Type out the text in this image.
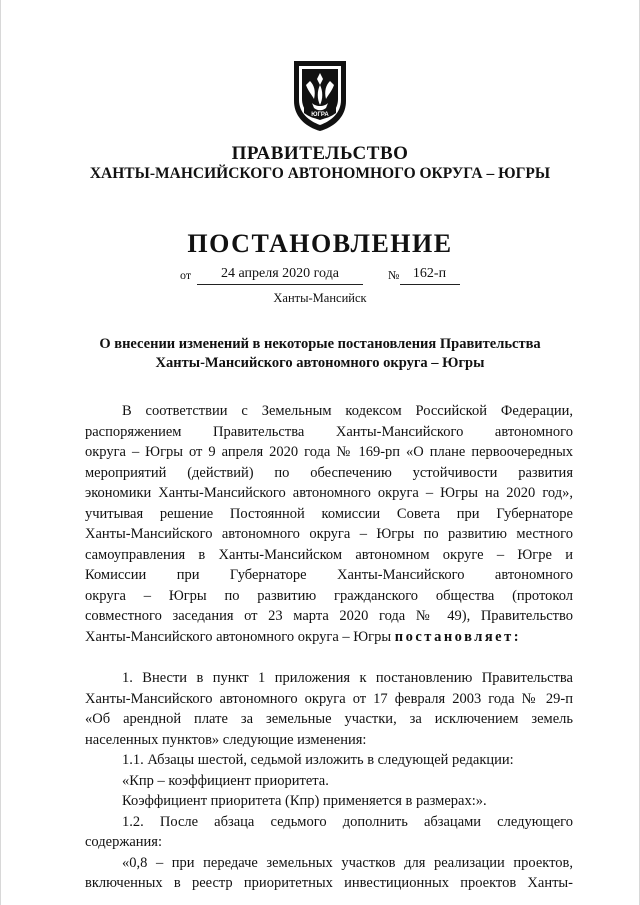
ЮГРА
ПРАВИТЕЛЬСТВО
ХАНТЫ-МАНСИЙСКОГО АВТОНОМНОГО ОКРУГА – ЮГРЫ
ПОСТАНОВЛЕНИЕ
от	24 апреля 2020 года	№ 162-п
Ханты-Мансийск
О внесении изменений в некоторые постановления Правительства
Ханты-Мансийского автономного округа – Югры
В соответствии с Земельным кодексом Российской Федерации,
распоряжением Правительства Ханты-Мансийского автономного
округа – Югры от 9 апреля 2020 года № 169-рп «О плане первоочередных
мероприятий (действий) по обеспечению устойчивости развития
экономики Ханты-Мансийского автономного округа – Югры на 2020 год»,
учитывая решение Постоянной комиссии Совета при Губернаторе
Ханты-Мансийского автономного округа – Югры по развитию местного
самоуправления в Ханты-Мансийском автономном округе – Югре и
Комиссии при Губернаторе Ханты-Мансийского автономного
округа – Югры по развитию гражданского общества (протокол
совместного заседания от 23 марта 2020 года № 49), Правительство
Ханты-Мансийского автономного округа – Югры постановляет:
1. Внести в пункт 1 приложения к постановлению Правительства
Ханты-Мансийского автономного округа от 17 февраля 2003 года № 29-п
«Об арендной плате за земельные участки, за исключением земель
населенных пунктов» следующие изменения:
1.1. Абзацы шестой, седьмой изложить в следующей редакции:
«Кпр – коэффициент приоритета.
Коэффициент приоритета (Кпр) применяется в размерах:».
1.2. После абзаца седьмого дополнить абзацами следующего
содержания:
«0,8 – при передаче земельных участков для реализации проектов,
включенных в реестр приоритетных инвестиционных проектов Ханты-
